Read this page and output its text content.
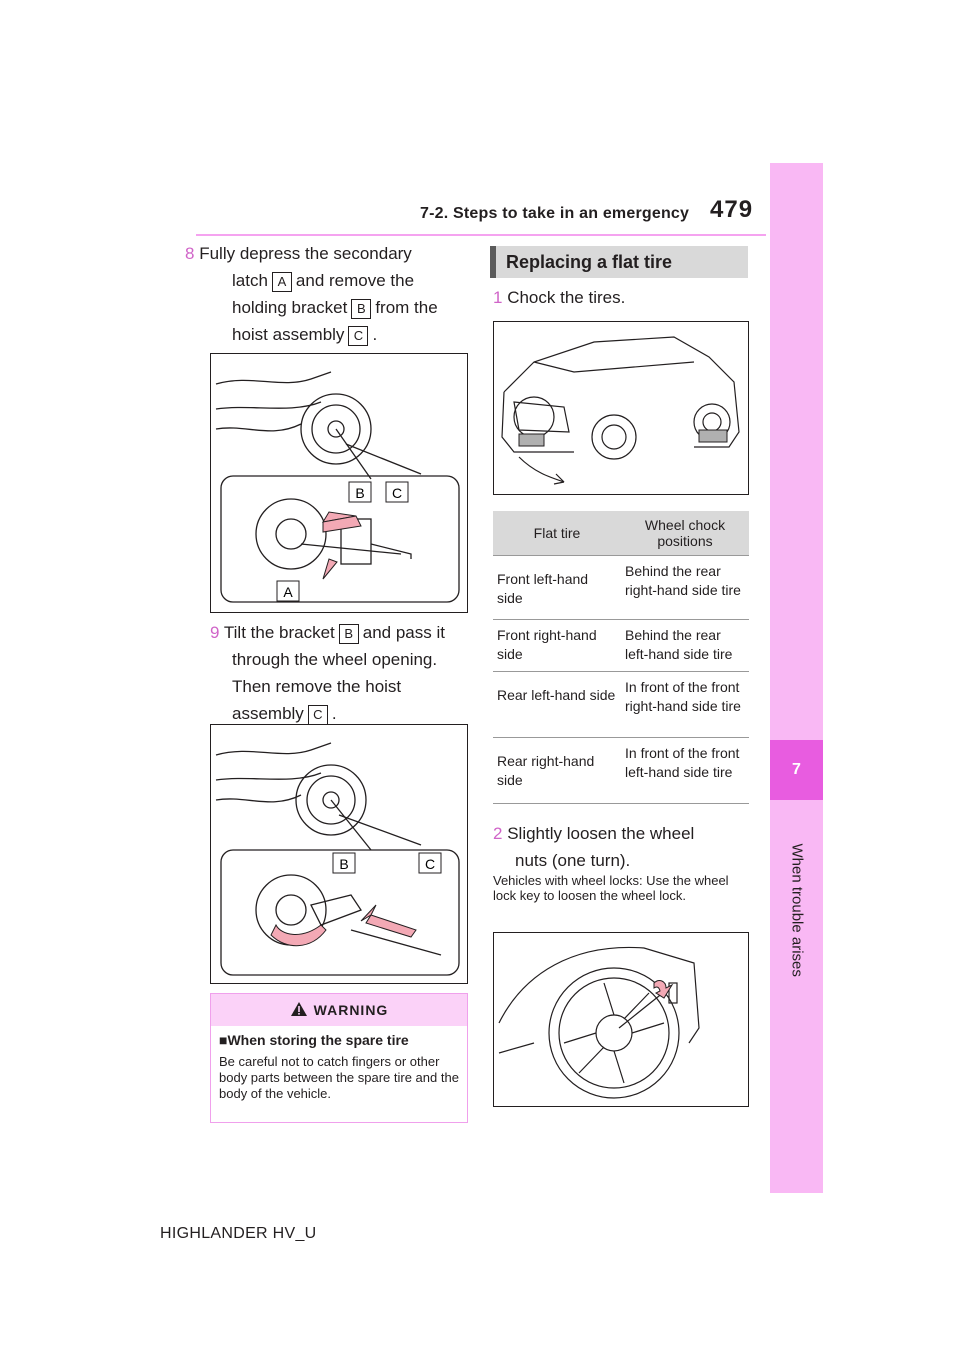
7-2. Steps to take in an emergency 479
7
When trouble arises
8 Fully depress the secondary
latch A and remove the
holding bracket B from the
hoist assembly C .
B C
A
9 Tilt the bracket B and pass it
through the wheel opening.
Then remove the hoist
assembly C .
B	C
WARNING
■When storing the spare tire
Be careful not to catch fingers or other body parts between the spare tire and the body of the vehicle.
Replacing a flat tire
1 Chock the tires.
Flat tire	Wheel chock positions
Front left-hand side	Behind the rear right-hand side tire
Front right-hand side	Behind the rear left-hand side tire
Rear left-hand side	In front of the front right-hand side tire
Rear right-hand side	In front of the front left-hand side tire
2 Slightly loosen the wheel
nuts (one turn).
Vehicles with wheel locks: Use the wheel lock key to loosen the wheel lock.
HIGHLANDER HV_U
